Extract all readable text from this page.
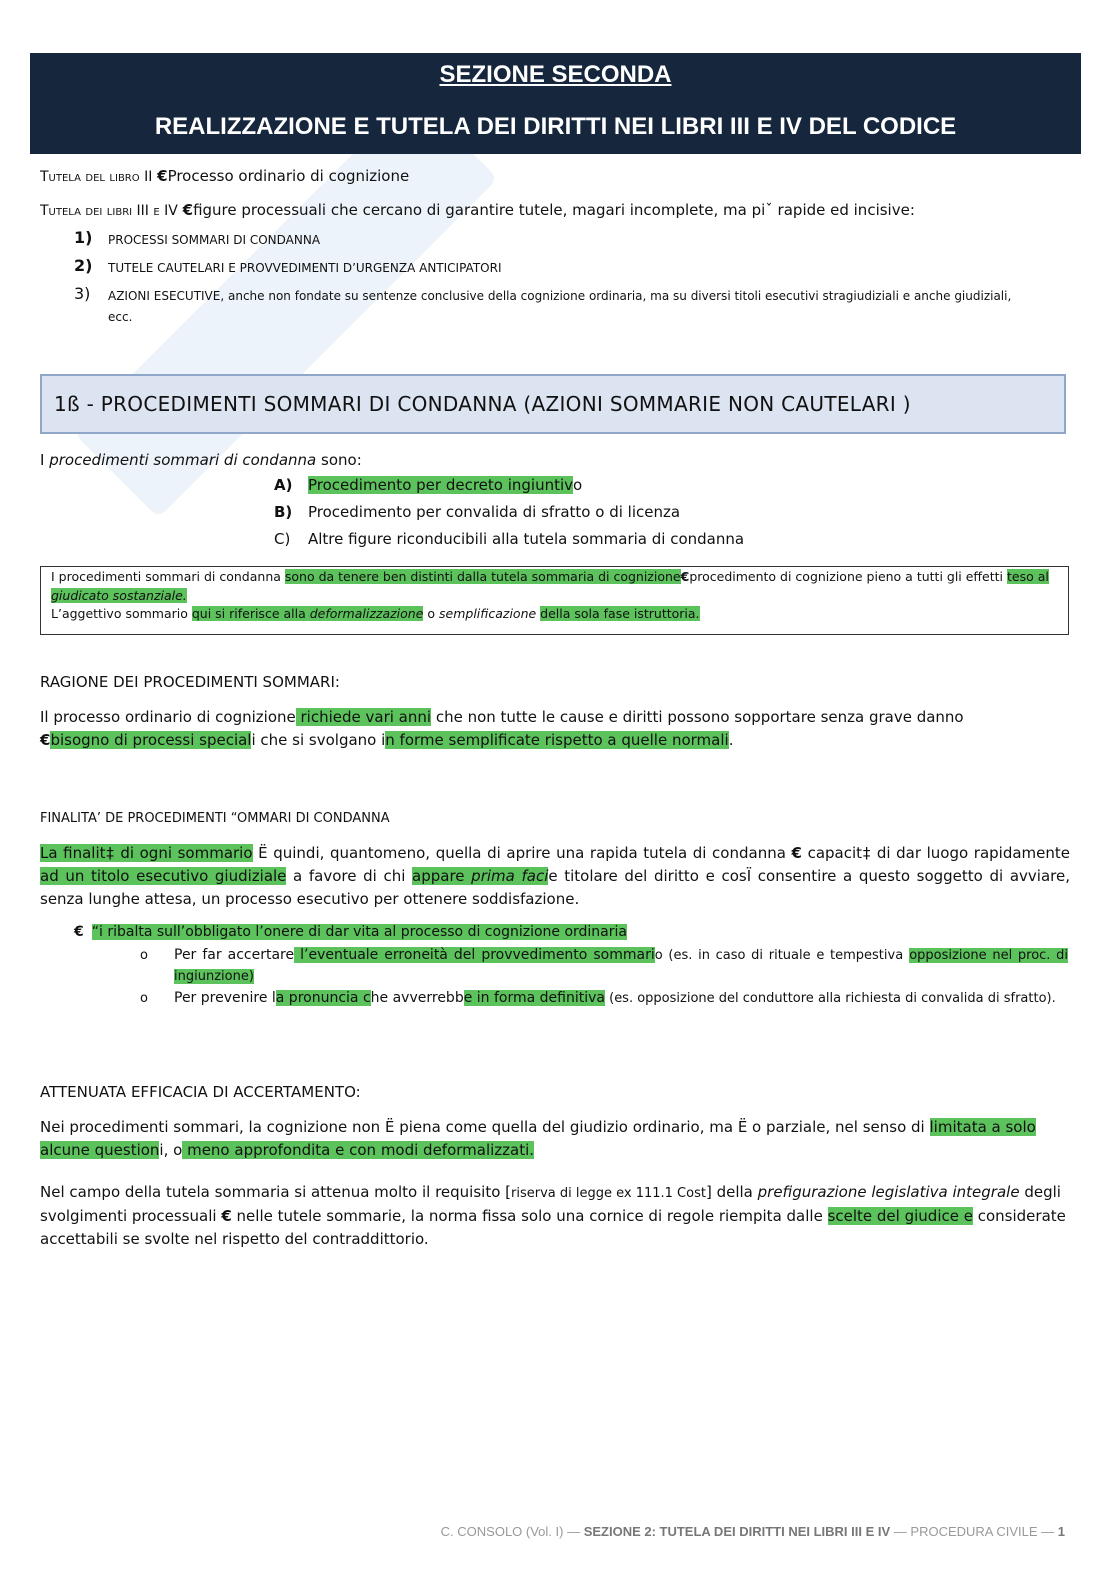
SEZIONE SECONDA
REALIZZAZIONE E TUTELA DEI DIRITTI NEI LIBRI III E IV DEL CODICE
Tutela del libro II €Processo ordinario di cognizione
Tutela dei libri III e IV €figure processuali che cercano di garantire tutele, magari incomplete, ma piˇ rapide ed incisive:
1)	PROCESSI SOMMARI DI CONDANNA
2)	TUTELE CAUTELARI E PROVVEDIMENTI D’URGENZA ANTICIPATORI
3)	AZIONI ESECUTIVE, anche non fondate su sentenze conclusive della cognizione ordinaria, ma su diversi titoli esecutivi stragiudiziali e anche giudiziali, ecc.
1ß - PROCEDIMENTI SOMMARI DI CONDANNA (AZIONI SOMMARIE NON CAUTELARI )
I procedimenti sommari di condanna sono:
A)	Procedimento per decreto ingiuntivo
B)	Procedimento per convalida di sfratto o di licenza
C)	Altre figure riconducibili alla tutela sommaria di condanna
I procedimenti sommari di condanna sono da tenere ben distinti dalla tutela sommaria di cognizione€procedimento di cognizione pieno a tutti gli effetti teso al giudicato sostanziale.
L’aggettivo sommario qui si riferisce alla deformalizzazione o semplificazione della sola fase istruttoria.
RAGIONE DEI PROCEDIMENTI SOMMARI:
Il processo ordinario di cognizione richiede vari anni che non tutte le cause e diritti possono sopportare senza grave danno
€bisogno di processi speciali che si svolgano in forme semplificate rispetto a quelle normali.
FINALITA’ DE PROCEDIMENTI “OMMARI DI CONDANNA
La finalit‡ di ogni sommario Ë quindi, quantomeno, quella di aprire una rapida tutela di condanna € capacit‡ di dar luogo rapidamente ad un titolo esecutivo giudiziale a favore di chi appare prima facie titolare del diritto e cosÏ consentire a questo soggetto di avviare, senza lunghe attesa, un processo esecutivo per ottenere soddisfazione.
€ “i ribalta sull’obbligato l’onere di dar vita al processo di cognizione ordinaria
o Per far accertare l’eventuale erroneità del provvedimento sommario (es. in caso di rituale e tempestiva opposizione nel proc. di ingiunzione)
o Per prevenire la pronuncia che avverrebbe in forma definitiva (es. opposizione del conduttore alla richiesta di convalida di sfratto).
ATTENUATA EFFICACIA DI ACCERTAMENTO:
Nei procedimenti sommari, la cognizione non Ë piena come quella del giudizio ordinario, ma Ë o parziale, nel senso di limitata a solo alcune questioni, o meno approfondita e con modi deformalizzati.
Nel campo della tutela sommaria si attenua molto il requisito [riserva di legge ex 111.1 Cost] della prefigurazione legislativa integrale degli svolgimenti processuali € nelle tutele sommarie, la norma fissa solo una cornice di regole riempita dalle scelte del giudice e considerate accettabili se svolte nel rispetto del contraddittorio.
C. CONSOLO (Vol. I) — SEZIONE 2: TUTELA DEI DIRITTI NEI LIBRI III E IV — PROCEDURA CIVILE — 1
